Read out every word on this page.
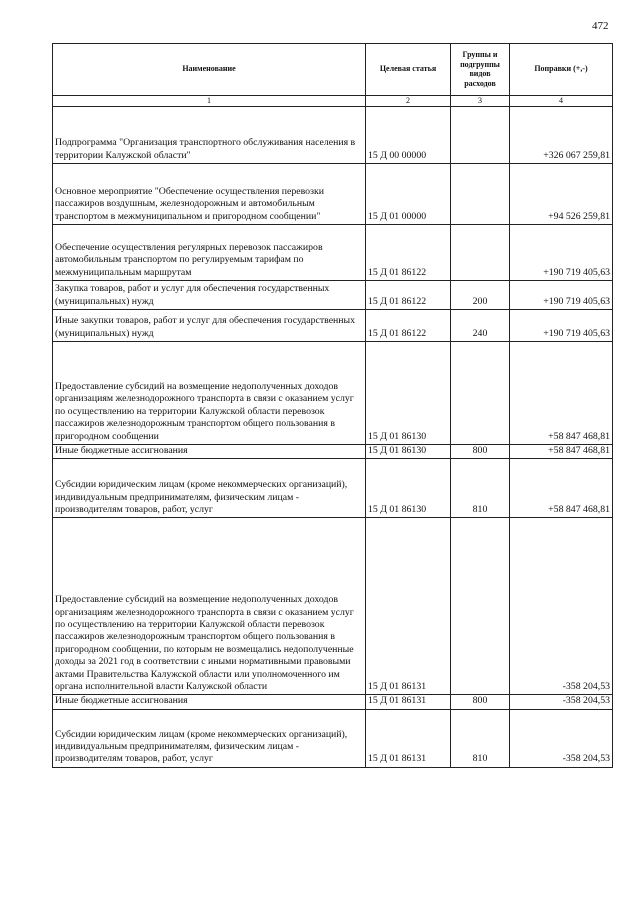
472
Наименование	Целевая статья	Группы и подгруппы видов расходов	Поправки (+,-)
1	2	3	4
Подпрограмма "Организация транспортного обслуживания населения в территории Калужской области"	15 Д 00 00000		+326 067 259,81
Основное мероприятие "Обеспечение осуществления перевозки пассажиров воздушным, железнодорожным и автомобильным транспортом в межмуниципальном и пригородном сообщении"	15 Д 01 00000		+94 526 259,81
Обеспечение осуществления регулярных перевозок пассажиров автомобильным транспортом по регулируемым тарифам по межмуниципальным маршрутам	15 Д 01 86122		+190 719 405,63
Закупка товаров, работ и услуг для обеспечения государственных (муниципальных) нужд	15 Д 01 86122	200	+190 719 405,63
Иные закупки товаров, работ и услуг для обеспечения государственных (муниципальных) нужд	15 Д 01 86122	240	+190 719 405,63
Предоставление субсидий на возмещение недополученных доходов организациям железнодорожного транспорта в связи с оказанием услуг по осуществлению на территории Калужской области перевозок пассажиров железнодорожным транспортом общего пользования в пригородном сообщении	15 Д 01 86130		+58 847 468,81
Иные бюджетные ассигнования	15 Д 01 86130	800	+58 847 468,81
Субсидии юридическим лицам (кроме некоммерческих организаций), индивидуальным предпринимателям, физическим лицам - производителям товаров, работ, услуг	15 Д 01 86130	810	+58 847 468,81
Предоставление субсидий на возмещение недополученных доходов организациям железнодорожного транспорта в связи с оказанием услуг по осуществлению на территории Калужской области перевозок пассажиров железнодорожным транспортом общего пользования в пригородном сообщении, по которым не возмещались недополученные доходы за 2021 год в соответствии с иными нормативными правовыми актами Правительства Калужской области или уполномоченного им органа исполнительной власти Калужской области	15 Д 01 86131		-358 204,53
Иные бюджетные ассигнования	15 Д 01 86131	800	-358 204,53
Субсидии юридическим лицам (кроме некоммерческих организаций), индивидуальным предпринимателям, физическим лицам - производителям товаров, работ, услуг	15 Д 01 86131	810	-358 204,53
